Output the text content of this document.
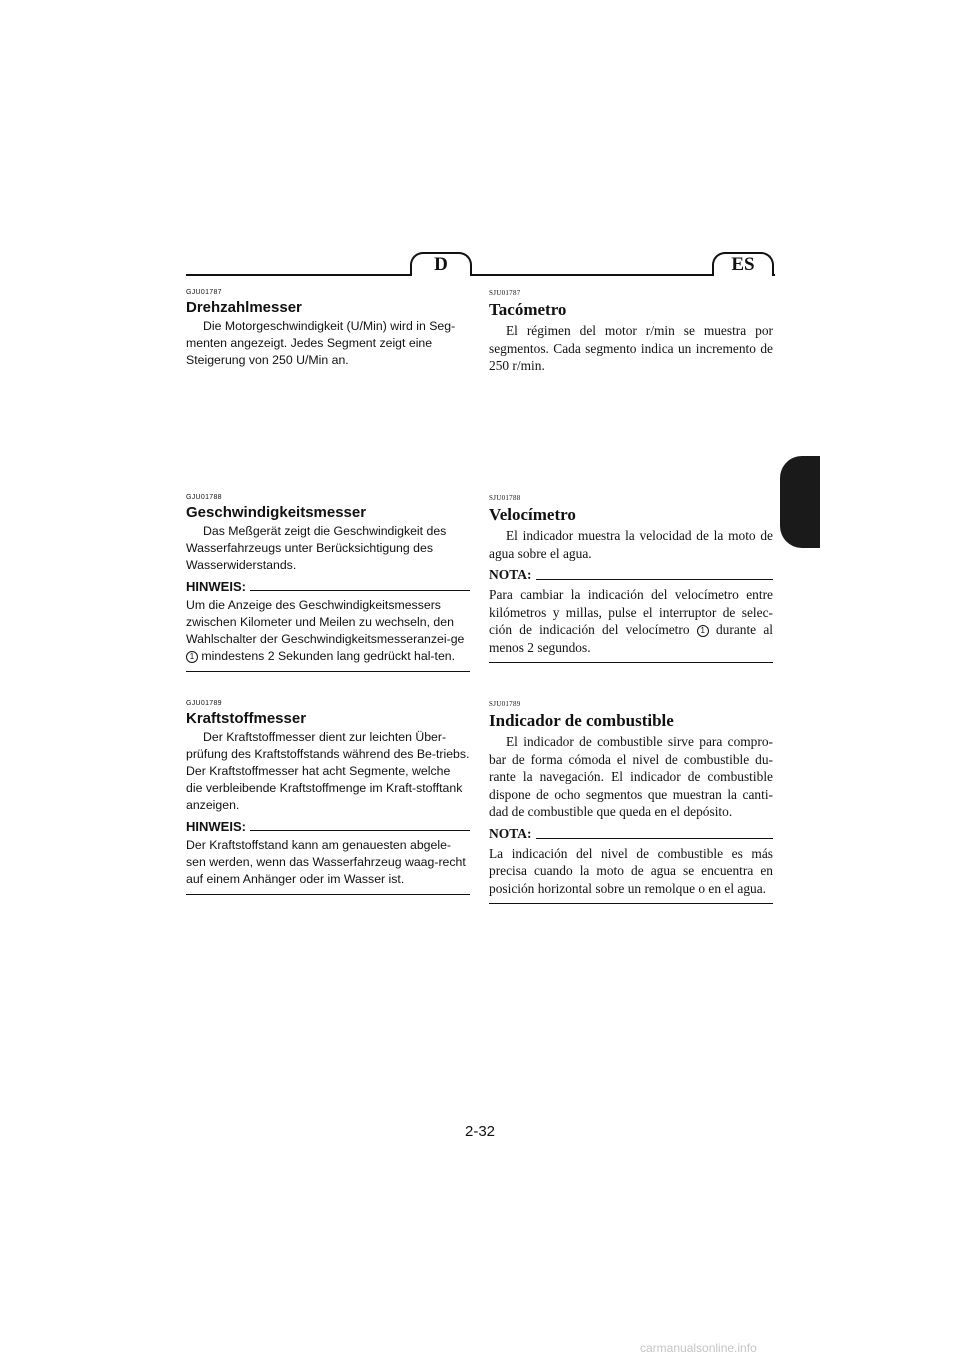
D	ES
GJU01787
Drehzahlmesser

Die Motorgeschwindigkeit (U/Min) wird in Seg-menten angezeigt. Jedes Segment zeigt eine Steigerung von 250 U/Min an.

GJU01788
Geschwindigkeitsmesser

Das Meßgerät zeigt die Geschwindigkeit des Wasserfahrzeugs unter Berücksichtigung des Wasserwiderstands.

HINWEIS:

Um die Anzeige des Geschwindigkeitsmessers zwischen Kilometer und Meilen zu wechseln, den Wahlschalter der Geschwindigkeitsmesseranzei-ge 1 mindestens 2 Sekunden lang gedrückt hal-ten.

GJU01789
Kraftstoffmesser

Der Kraftstoffmesser dient zur leichten Über-prüfung des Kraftstoffstands während des Be-triebs. Der Kraftstoffmesser hat acht Segmente, welche die verbleibende Kraftstoffmenge im Kraft-stofftank anzeigen.

HINWEIS:

Der Kraftstoffstand kann am genauesten abgele-sen werden, wenn das Wasserfahrzeug waag-recht auf einem Anhänger oder im Wasser ist.

SJU01787
Tacómetro

El régimen del motor r/min se muestra por segmentos. Cada segmento indica un incremento de 250 r/min.

SJU01788
Velocímetro

El indicador muestra la velocidad de la moto de agua sobre el agua.

NOTA:

Para cambiar la indicación del velocímetro entre kilómetros y millas, pulse el interruptor de selec-ción de indicación del velocímetro 1 durante al menos 2 segundos.

SJU01789
Indicador de combustible

El indicador de combustible sirve para compro-bar de forma cómoda el nivel de combustible du-rante la navegación. El indicador de combustible dispone de ocho segmentos que muestran la canti-dad de combustible que queda en el depósito.

NOTA:

La indicación del nivel de combustible es más precisa cuando la moto de agua se encuentra en posición horizontal sobre un remolque o en el agua.

2-32
carmanualsonline.info
